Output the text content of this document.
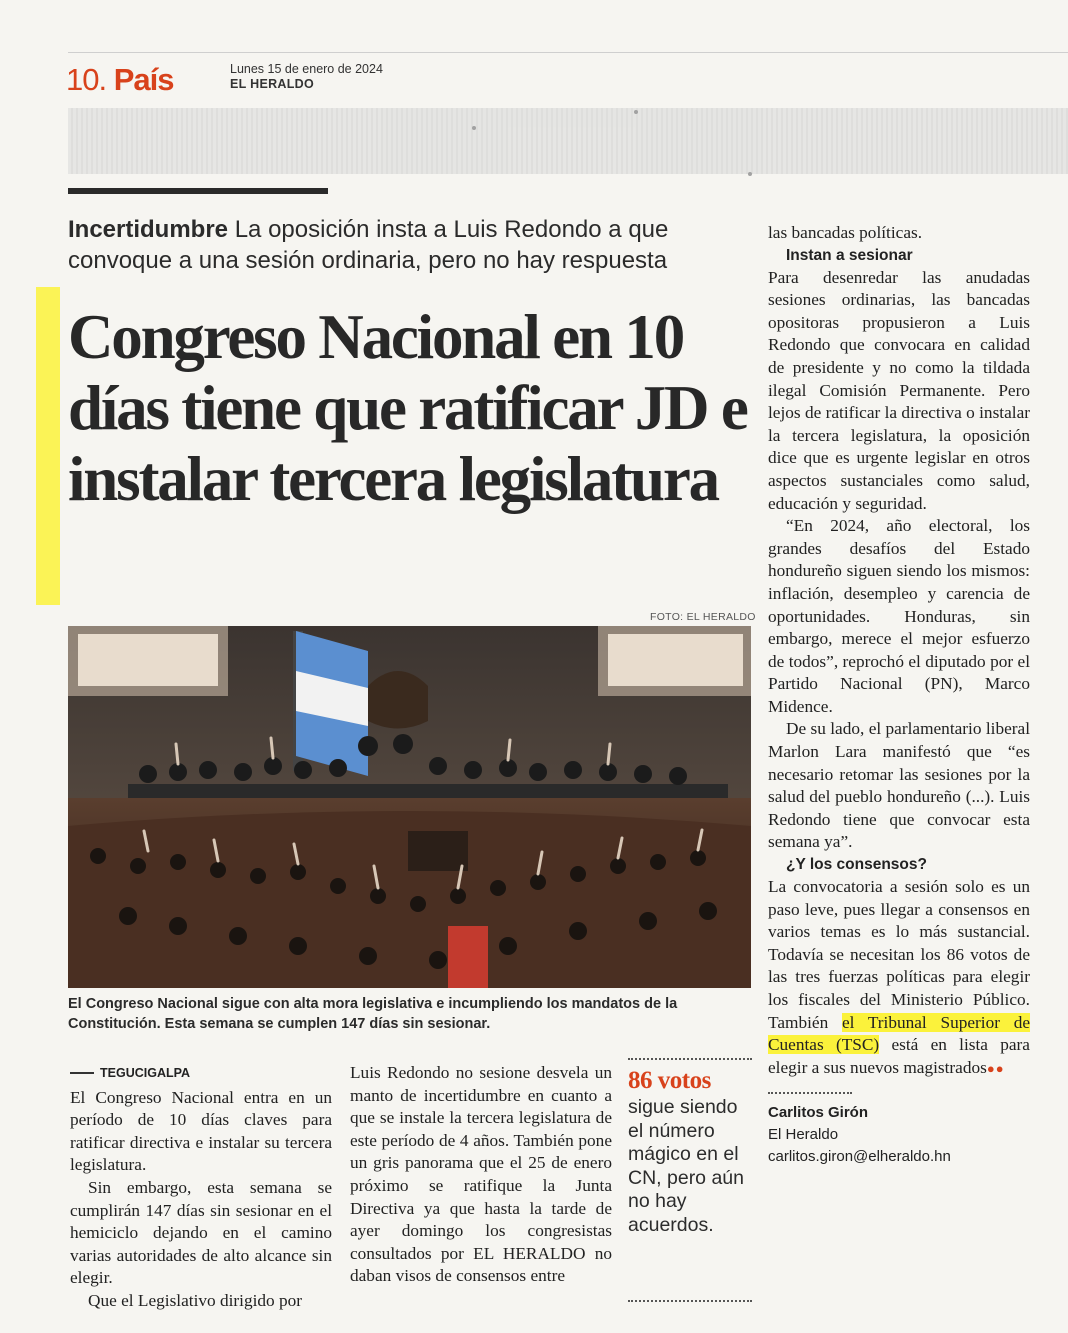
10. País	Lunes 15 de enero de 2024
EL HERALDO
Incertidumbre La oposición insta a Luis Redondo a que convoque a una sesión ordinaria, pero no hay respuesta
Congreso Nacional en 10 días tiene que ratificar JD e instalar tercera legislatura
FOTO: EL HERALDO
El Congreso Nacional sigue con alta mora legislativa e incumpliendo los mandatos de la Constitución. Esta semana se cumplen 147 días sin sesionar.
TEGUCIGALPA

El Congreso Nacional entra en un período de 10 días claves para ratificar directiva e instalar su tercera legislatura.

Sin embargo, esta semana se cumplirán 147 días sin sesionar en el hemiciclo dejando en el camino varias autoridades de alto alcance sin elegir.

Que el Legislativo dirigido por

Luis Redondo no sesione desvela un manto de incertidumbre en cuanto a que se instale la tercera legislatura de este período de 4 años. También pone un gris panorama que el 25 de enero próximo se ratifique la Junta Directiva ya que hasta la tarde de ayer domingo los congresistas consultados por EL HERALDO no daban visos de consensos entre

86 votos
sigue siendo el número mágico en el CN, pero aún no hay acuerdos.

las bancadas políticas.

Instan a sesionar

Para desenredar las anudadas sesiones ordinarias, las bancadas opositoras propusieron a Luis Redondo que convocara en calidad de presidente y no como la tildada ilegal Comisión Permanente. Pero lejos de ratificar la directiva o instalar la tercera legislatura, la oposición dice que es urgente legislar en otros aspectos sustanciales como salud, educación y seguridad.

“En 2024, año electoral, los grandes desafíos del Estado hondureño siguen siendo los mismos: inflación, desempleo y carencia de oportunidades. Honduras, sin embargo, merece el mejor esfuerzo de todos”, reprochó el diputado por el Partido Nacional (PN), Marco Midence.

De su lado, el parlamentario liberal Marlon Lara manifestó que “es necesario retomar las sesiones por la salud del pueblo hondureño (...). Luis Redondo tiene que convocar esta semana ya”.

¿Y los consensos?

La convocatoria a sesión solo es un paso leve, pues llegar a consensos en varios temas es lo más sustancial. Todavía se necesitan los 86 votos de las tres fuerzas políticas para elegir los fiscales del Ministerio Público. También el Tribunal Superior de Cuentas (TSC) está en lista para elegir a sus nuevos magistrados●●

Carlitos Girón
El Heraldo
carlitos.giron@elheraldo.hn
